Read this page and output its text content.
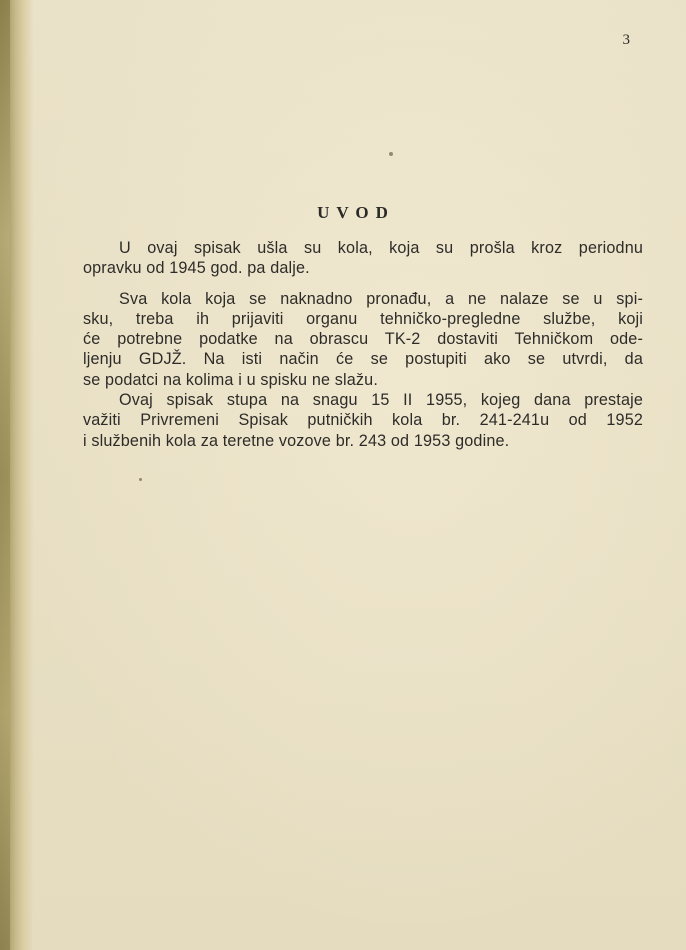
3
UVOD

U ovaj spisak ušla su kola, koja su prošla kroz periodnu
opravku od 1945 god. pa dalje.

Sva kola koja se naknadno pronađu, a ne nalaze se u spi-
sku, treba ih prijaviti organu tehničko-pregledne službe, koji
će potrebne podatke na obrascu TK-2 dostaviti Tehničkom ode-
ljenju GDJŽ. Na isti način će se postupiti ako se utvrdi, da
se podatci na kolima i u spisku ne slažu.

Ovaj spisak stupa na snagu 15 II 1955, kojeg dana prestaje
važiti Privremeni Spisak putničkih kola br. 241-241u od 1952
i službenih kola za teretne vozove br. 243 od 1953 godine.
